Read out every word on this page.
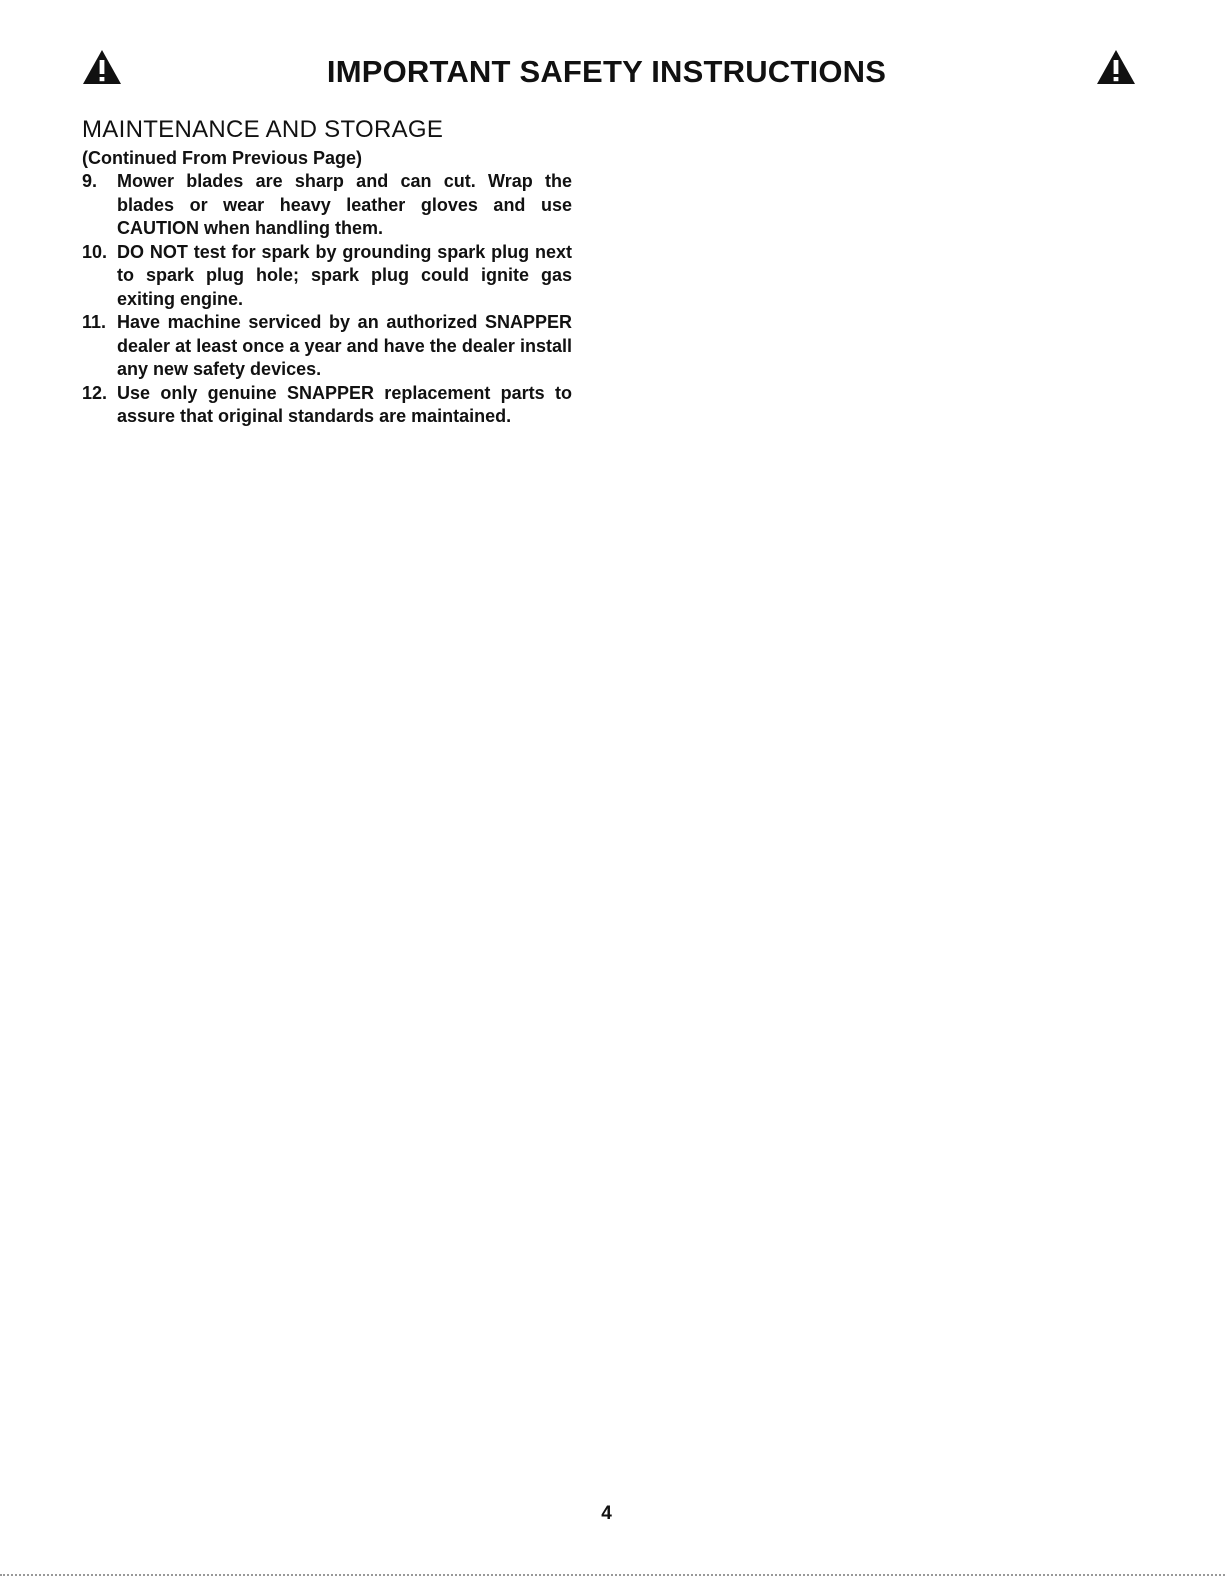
IMPORTANT SAFETY INSTRUCTIONS
MAINTENANCE AND STORAGE

(Continued From Previous Page)

9. Mower blades are sharp and can cut. Wrap the blades or wear heavy leather gloves and use CAUTION when handling them.
10. DO NOT test for spark by grounding spark plug next to spark plug hole; spark plug could ignite gas exiting engine.
11. Have machine serviced by an authorized SNAPPER dealer at least once a year and have the dealer install any new safety devices.
12. Use only genuine SNAPPER replacement parts to assure that original standards are maintained.
4
